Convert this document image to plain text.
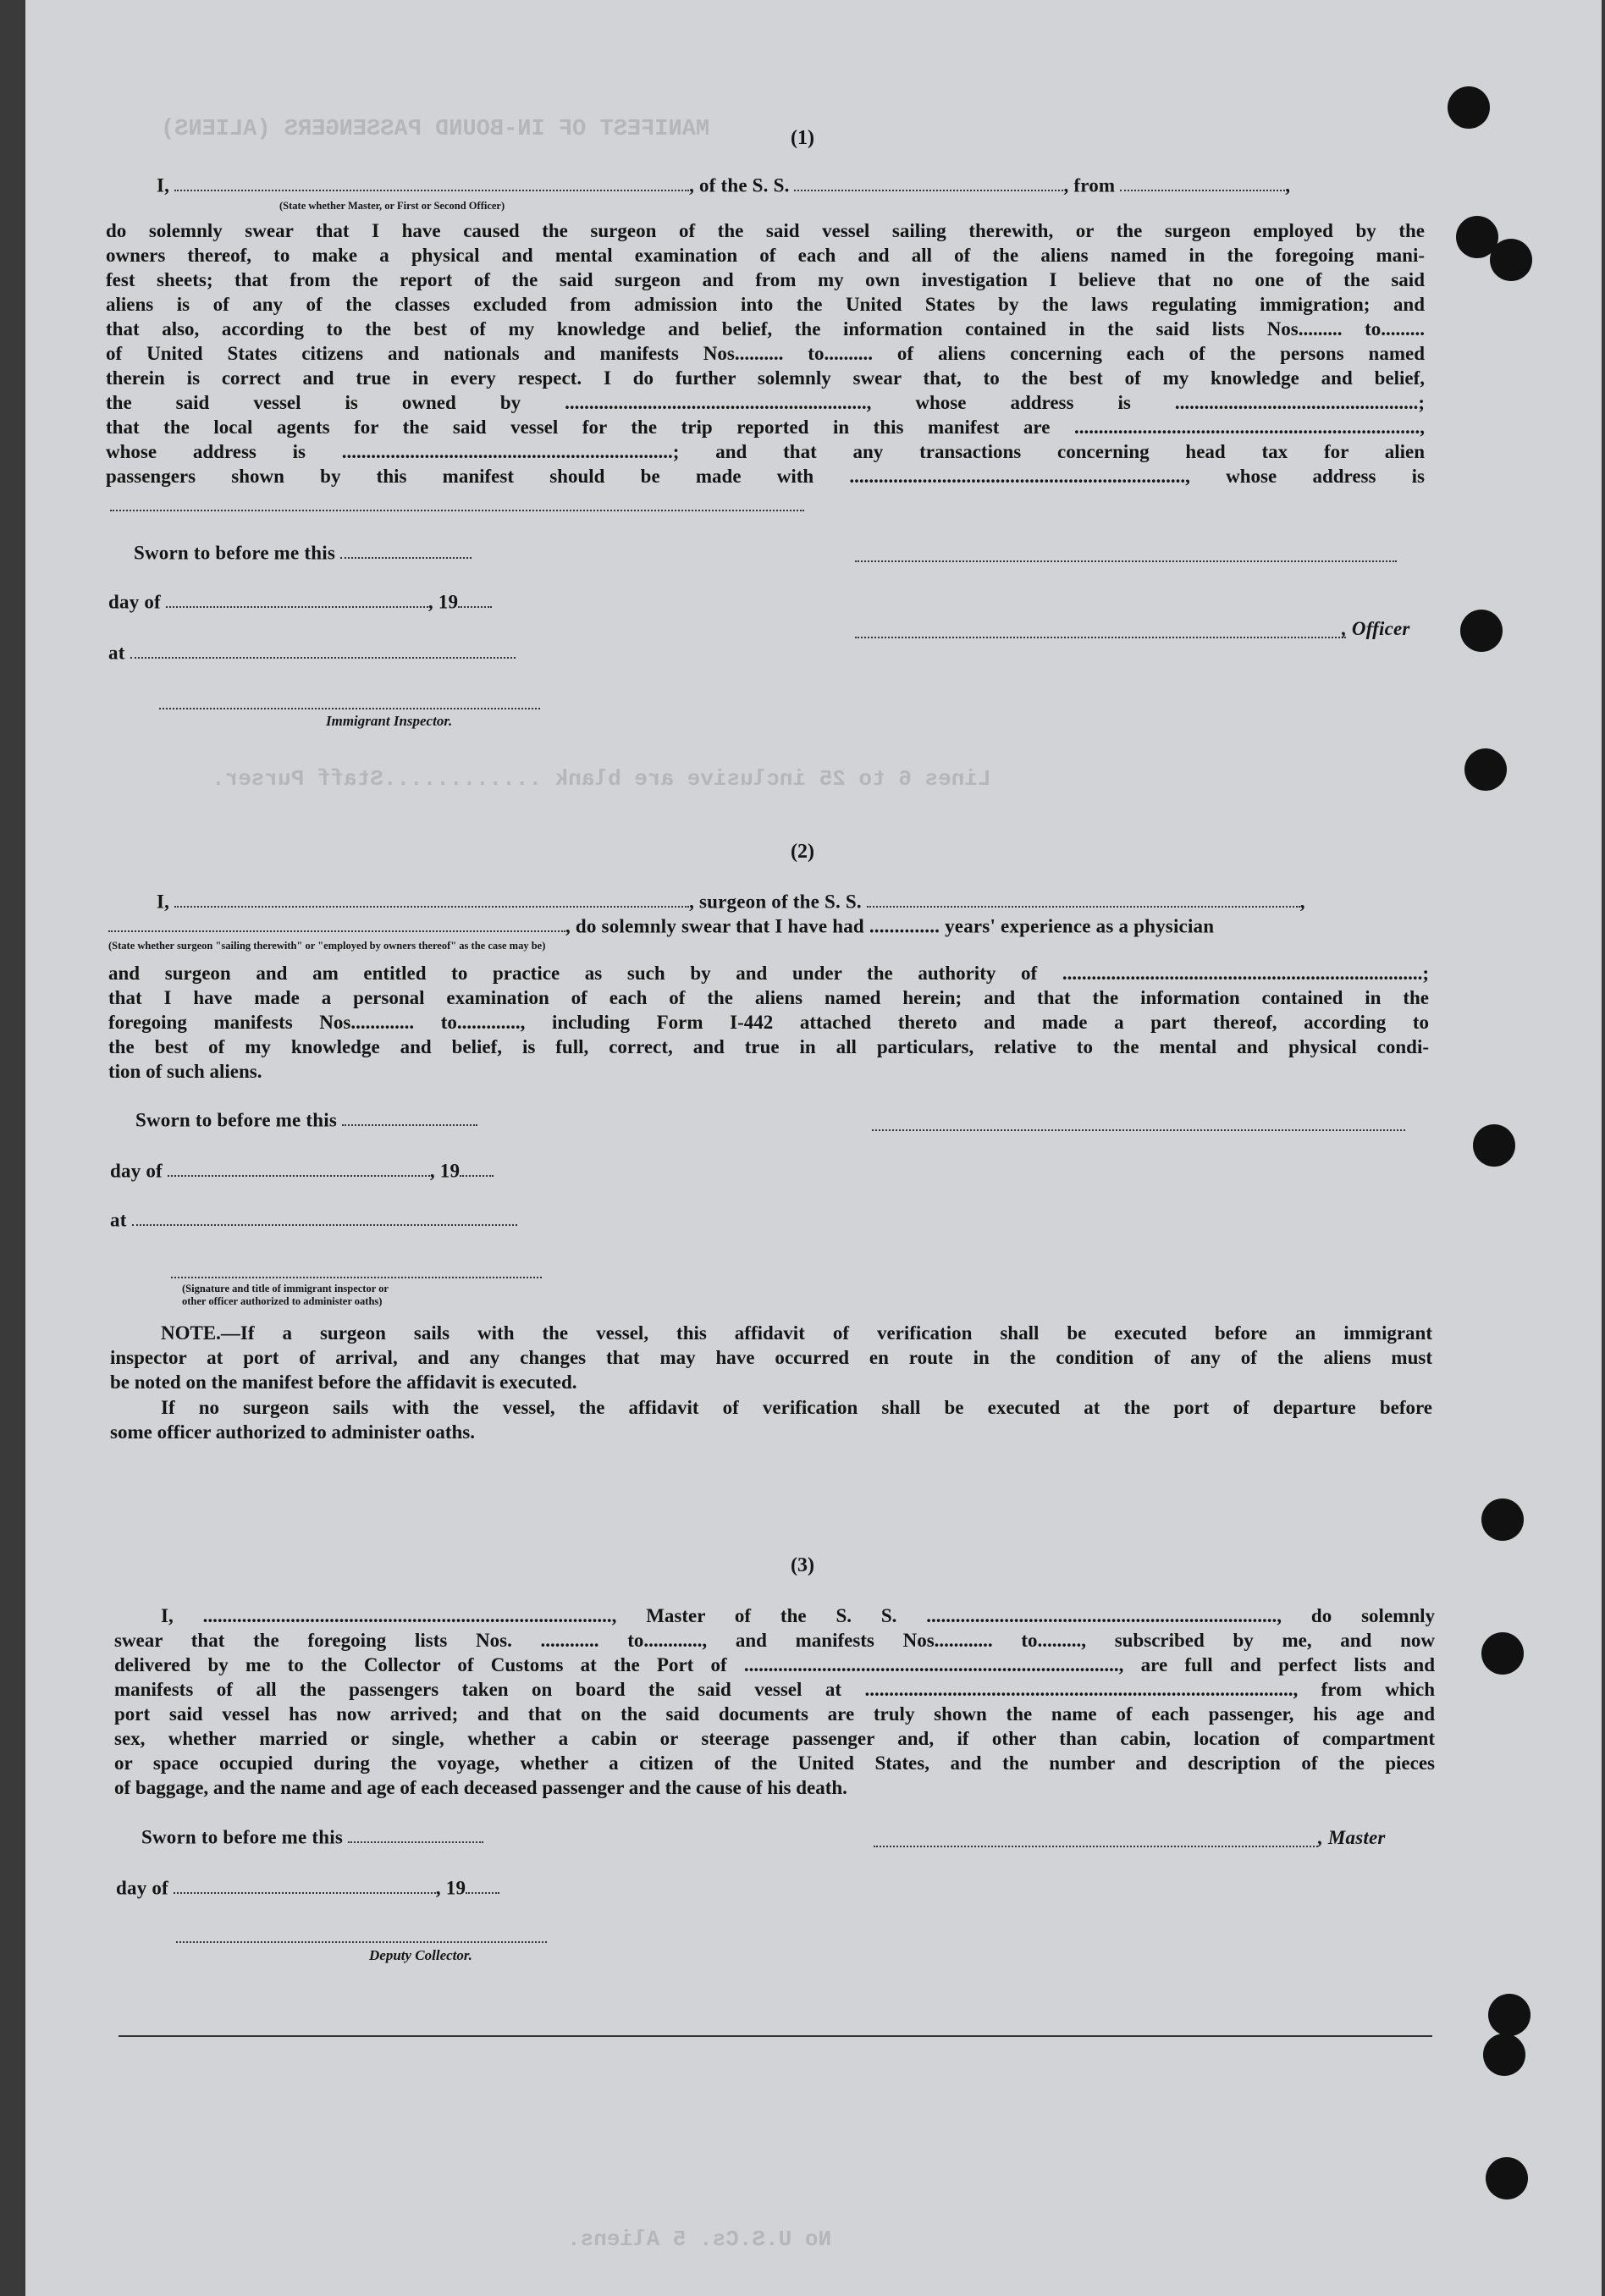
MANIFEST OF IN-BOUND PASSENGERS (ALIENS)
Lines 6 to 25 inclusive are blank ............Staff Purser.
No U.S.Cs. 5 Aliens.
(1)
I,	, of the S. S.	, from	,
(State whether Master, or First or Second Officer)
do solemnly swear that I have caused the surgeon of the said vessel sailing therewith, or the surgeon employed by the
owners thereof, to make a physical and mental examination of each and all of the aliens named in the foregoing mani-
fest sheets; that from the report of the said surgeon and from my own investigation I believe that no one of the said
aliens is of any of the classes excluded from admission into the United States by the laws regulating immigration; and
that also, according to the best of my knowledge and belief, the information contained in the said lists Nos......... to.........
of United States citizens and nationals and manifests Nos.......... to.......... of aliens concerning each of the persons named
therein is correct and true in every respect. I do further solemnly swear that, to the best of my knowledge and belief,
the said vessel is owned by .............................................................., whose address is ..................................................;
that the local agents for the said vessel for the trip reported in this manifest are .......................................................................,
whose address is ....................................................................; and that any transactions concerning head tax for alien
passengers shown by this manifest should be made with ....................................................................., whose address is
Sworn to before me this
day of	, 19
at
Immigrant Inspector.
, Officer
(2)
I,	, surgeon of the S. S.	,
, do solemnly swear that I have had .............. years' experience as a physician
(State whether surgeon "sailing therewith" or "employed by owners thereof" as the case may be)
and surgeon and am entitled to practice as such by and under the authority of ..........................................................................;
that I have made a personal examination of each of the aliens named herein; and that the information contained in the
foregoing manifests Nos............. to............., including Form I-442 attached thereto and made a part thereof, according to
the best of my knowledge and belief, is full, correct, and true in all particulars, relative to the mental and physical condi-
tion of such aliens.
Sworn to before me this
day of	, 19
at
(Signature and title of immigrant inspector or
other officer authorized to administer oaths)
NOTE.—If a surgeon sails with the vessel, this affidavit of verification shall be executed before an immigrant
inspector at port of arrival, and any changes that may have occurred en route in the condition of any of the aliens must
be noted on the manifest before the affidavit is executed.
If no surgeon sails with the vessel, the affidavit of verification shall be executed at the port of departure before
some officer authorized to administer oaths.
(3)
I, ...................................................................................., Master of the S. S. ........................................................................, do solemnly
swear that the foregoing lists Nos. ............ to............, and manifests Nos............ to........., subscribed by me, and now
delivered by me to the Collector of Customs at the Port of ............................................................................., are full and perfect lists and
manifests of all the passengers taken on board the said vessel at ........................................................................................, from which
port said vessel has now arrived; and that on the said documents are truly shown the name of each passenger, his age and
sex, whether married or single, whether a cabin or steerage passenger and, if other than cabin, location of compartment
or space occupied during the voyage, whether a citizen of the United States, and the number and description of the pieces
of baggage, and the name and age of each deceased passenger and the cause of his death.
Sworn to before me this	, Master
day of	, 19
Deputy Collector.
